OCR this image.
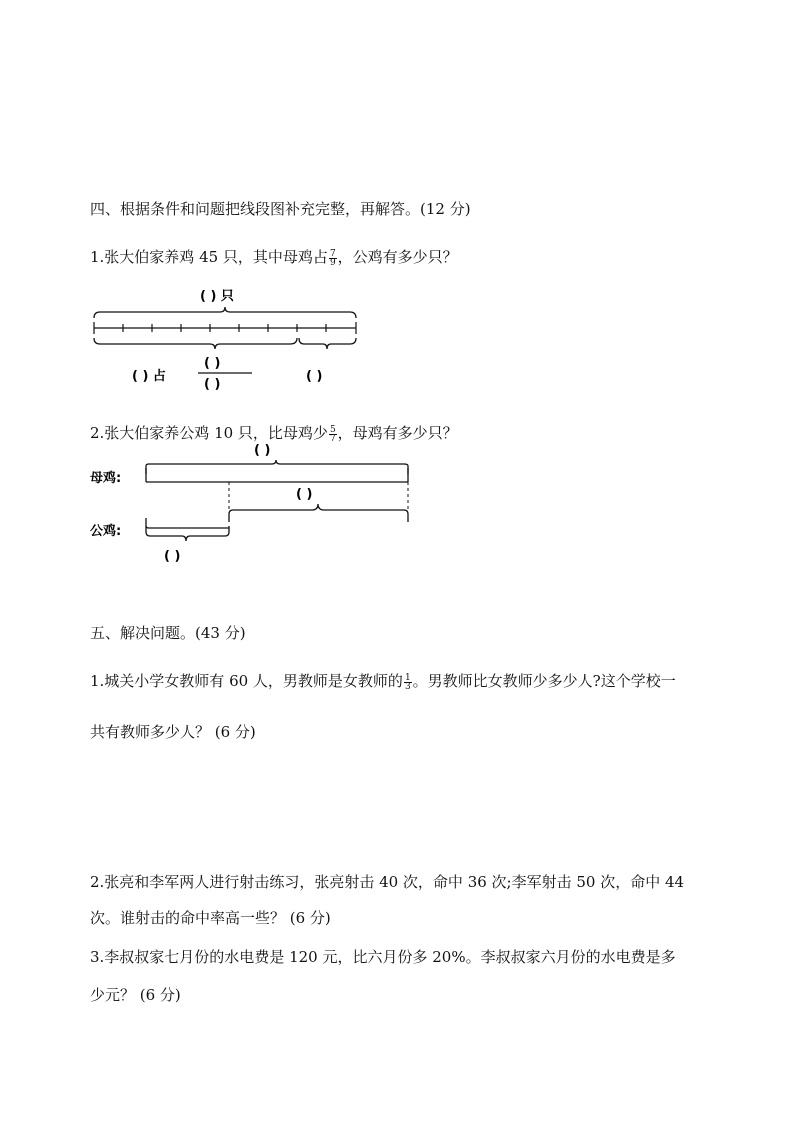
四、根据条件和问题把线段图补充完整，再解答。(12 分)
1.张大伯家养鸡 45 只，其中母鸡占 $\frac{7}{9}$ ，公鸡有多少只？
( ) 只
( ) 占
( )
( )
( )
2.张大伯家养公鸡 10 只，比母鸡少 $\frac{5}{7}$ ，母鸡有多少只？
母鸡:
公鸡:
( )
( )
( )
五、解决问题。(43 分)
1.城关小学女教师有 60 人，男教师是女教师的 $\frac{1}{3}$ 。男教师比女教师少多少人?这个学校一
共有教师多少人？ (6 分)
2.张亮和李军两人进行射击练习，张亮射击 40 次，命中 36 次;李军射击 50 次，命中 44
次。谁射击的命中率高一些？ (6 分)
3.李叔叔家七月份的水电费是 120 元，比六月份多 20%。李叔叔家六月份的水电费是多
少元？ (6 分)
